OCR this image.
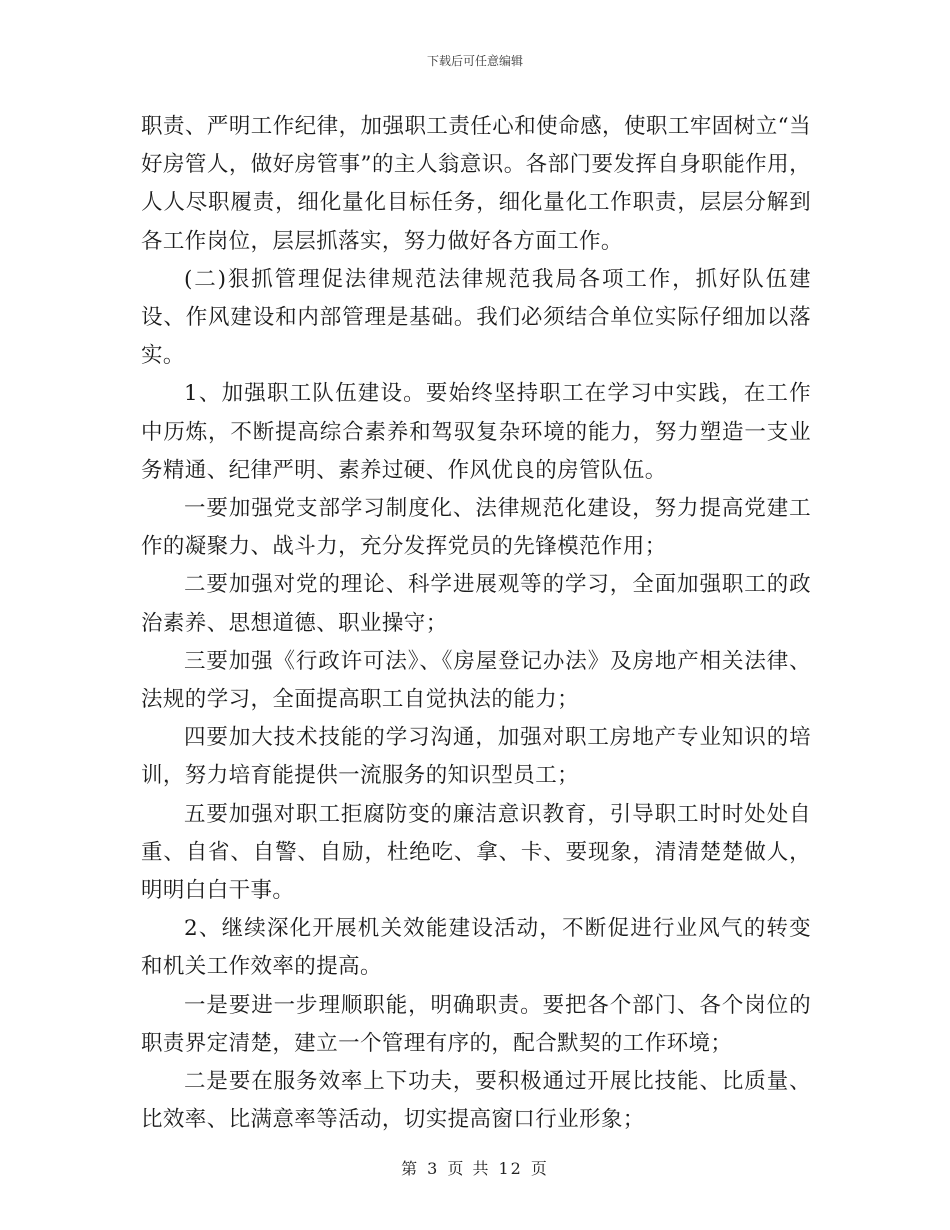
下载后可任意编辑

职责、严明工作纪律，加强职工责任心和使命感，使职工牢固树立“当好房管人，做好房管事”的主人翁意识。各部门要发挥自身职能作用，人人尽职履责，细化量化目标任务，细化量化工作职责，层层分解到各工作岗位，层层抓落实，努力做好各方面工作。

(二)狠抓管理促法律规范法律规范我局各项工作，抓好队伍建设、作风建设和内部管理是基础。我们必须结合单位实际仔细加以落实。

1、加强职工队伍建设。要始终坚持职工在学习中实践，在工作中历炼，不断提高综合素养和驾驭复杂环境的能力，努力塑造一支业务精通、纪律严明、素养过硬、作风优良的房管队伍。

一要加强党支部学习制度化、法律规范化建设，努力提高党建工作的凝聚力、战斗力，充分发挥党员的先锋模范作用；

二要加强对党的理论、科学进展观等的学习，全面加强职工的政治素养、思想道德、职业操守；

三要加强《行政许可法》、《房屋登记办法》及房地产相关法律、法规的学习，全面提高职工自觉执法的能力；

四要加大技术技能的学习沟通，加强对职工房地产专业知识的培训，努力培育能提供一流服务的知识型员工；

五要加强对职工拒腐防变的廉洁意识教育，引导职工时时处处自重、自省、自警、自励，杜绝吃、拿、卡、要现象，清清楚楚做人，明明白白干事。

2、继续深化开展机关效能建设活动，不断促进行业风气的转变和机关工作效率的提高。

一是要进一步理顺职能，明确职责。要把各个部门、各个岗位的职责界定清楚，建立一个管理有序的，配合默契的工作环境；

二是要在服务效率上下功夫，要积极通过开展比技能、比质量、比效率、比满意率等活动，切实提高窗口行业形象；

第 3 页 共 12 页
